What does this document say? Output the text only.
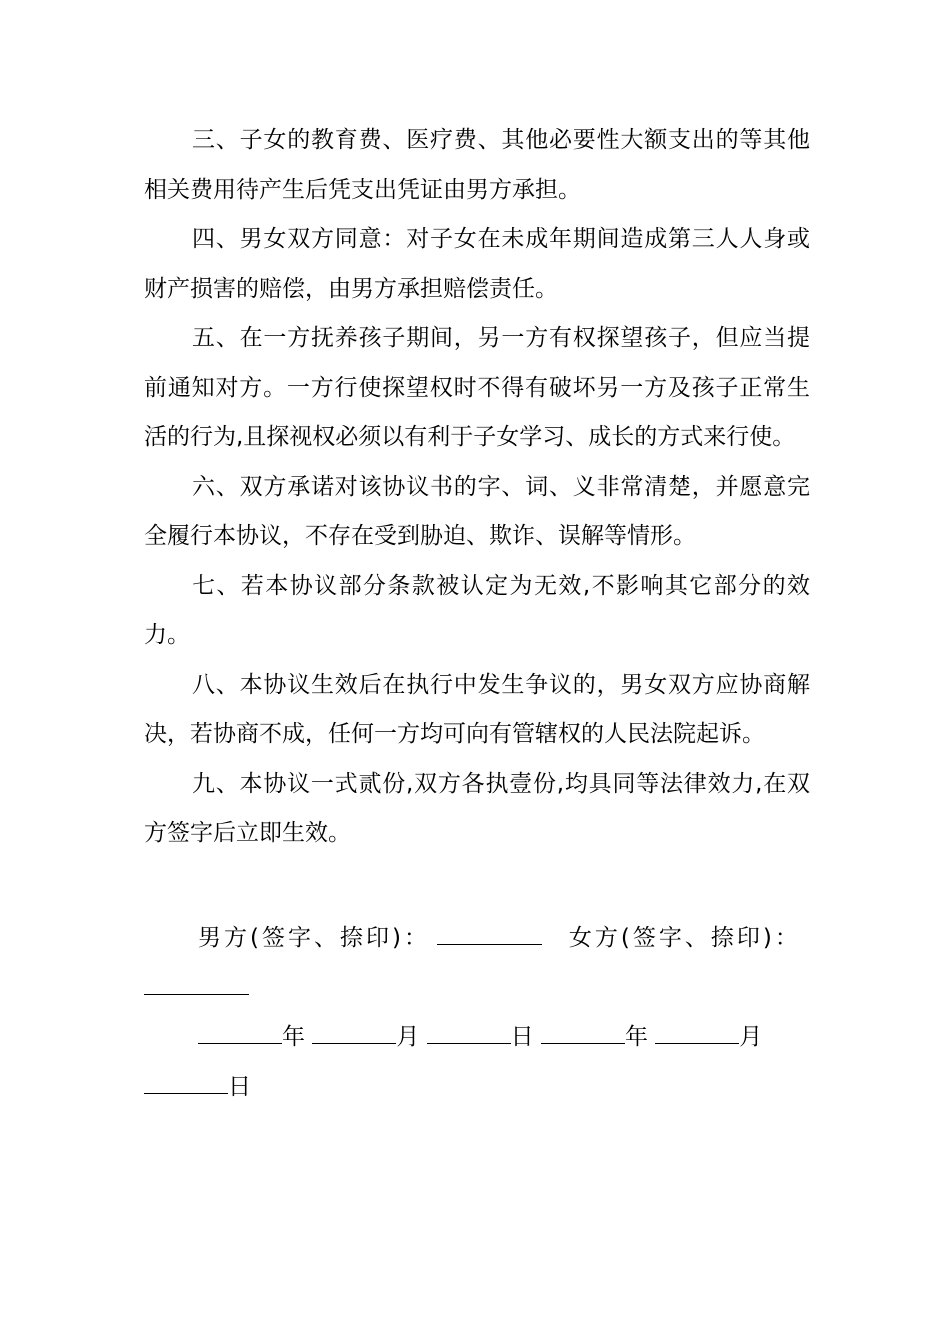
三、子女的教育费、医疗费、其他必要性大额支出的等其他相关费用待产生后凭支出凭证由男方承担。

四、男女双方同意：对子女在未成年期间造成第三人人身或财产损害的赔偿，由男方承担赔偿责任。

五、在一方抚养孩子期间，另一方有权探望孩子，但应当提前通知对方。一方行使探望权时不得有破坏另一方及孩子正常生活的行为,且探视权必须以有利于子女学习、成长的方式来行使。

六、双方承诺对该协议书的字、词、义非常清楚，并愿意完全履行本协议，不存在受到胁迫、欺诈、误解等情形。

七、若本协议部分条款被认定为无效,不影响其它部分的效力。

八、本协议生效后在执行中发生争议的，男女双方应协商解决，若协商不成，任何一方均可向有管辖权的人民法院起诉。

九、本协议一式贰份,双方各执壹份,均具同等法律效力,在双方签字后立即生效。

男方(签字、捺印)：	女方(签字、捺印)：

年	月	日	年	月
日
